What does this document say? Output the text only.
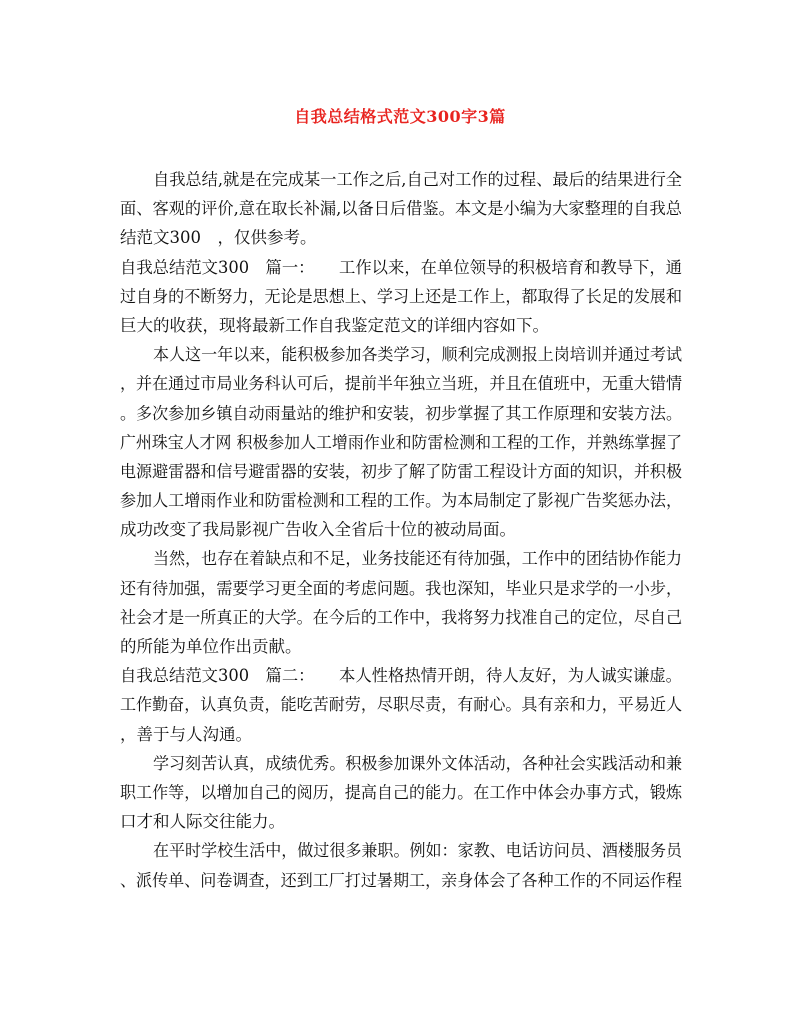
自我总结格式范文300字3篇
自我总结,就是在完成某一工作之后,自己对工作的过程、最后的结果进行全
面、客观的评价,意在取长补漏,以备日后借鉴。本文是小编为大家整理的自我总
结范文300　，仅供参考。
自我总结范文300　篇一：　　工作以来，在单位领导的积极培育和教导下，通
过自身的不断努力，无论是思想上、学习上还是工作上，都取得了长足的发展和
巨大的收获，现将最新工作自我鉴定范文的详细内容如下。
本人这一年以来，能积极参加各类学习，顺利完成测报上岗培训并通过考试
，并在通过市局业务科认可后，提前半年独立当班，并且在值班中，无重大错情
。多次参加乡镇自动雨量站的维护和安装，初步掌握了其工作原理和安装方法。
广州珠宝人才网 积极参加人工增雨作业和防雷检测和工程的工作，并熟练掌握了
电源避雷器和信号避雷器的安装，初步了解了防雷工程设计方面的知识，并积极
参加人工增雨作业和防雷检测和工程的工作。为本局制定了影视广告奖惩办法，
成功改变了我局影视广告收入全省后十位的被动局面。
当然，也存在着缺点和不足，业务技能还有待加强，工作中的团结协作能力
还有待加强，需要学习更全面的考虑问题。我也深知，毕业只是求学的一小步，
社会才是一所真正的大学。在今后的工作中，我将努力找准自己的定位，尽自己
的所能为单位作出贡献。
自我总结范文300　篇二：　　本人性格热情开朗，待人友好，为人诚实谦虚。
工作勤奋，认真负责，能吃苦耐劳，尽职尽责，有耐心。具有亲和力，平易近人
，善于与人沟通。
学习刻苦认真，成绩优秀。积极参加课外文体活动，各种社会实践活动和兼
职工作等，以增加自己的阅历，提高自己的能力。在工作中体会办事方式，锻炼
口才和人际交往能力。
在平时学校生活中，做过很多兼职。例如：家教、电话访问员、酒楼服务员
、派传单、问卷调查，还到工厂打过暑期工，亲身体会了各种工作的不同运作程
